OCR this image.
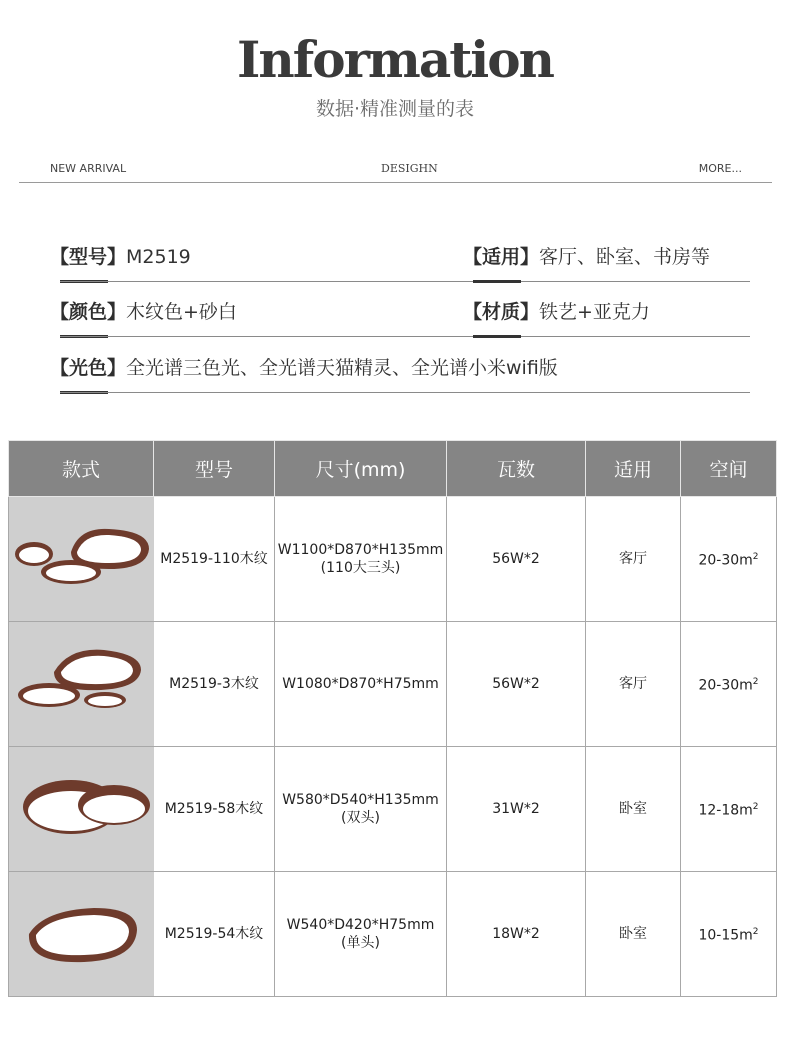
Information
数据·精准测量的表
NEW ARRIVAL	DESIGHN	MORE...
【型号】M2519	【适用】客厅、卧室、书房等
【颜色】木纹色+砂白	【材质】铁艺+亚克力
【光色】全光谱三色光、全光谱天猫精灵、全光谱小米wifi版
款式	型号	尺寸(mm)	瓦数	适用	空间

	M2519-110木纹	W1100*D870*H135mm
(110大三头)	56W*2	客厅	$20-30m^2$

	M2519-3木纹	W1080*D870*H75mm	56W*2	客厅	$20-30m^2$

	M2519-58木纹	W580*D540*H135mm
(双头)	31W*2	卧室	$12-18m^2$

	M2519-54木纹	W540*D420*H75mm
(单头)	18W*2	卧室	$10-15m^2$
